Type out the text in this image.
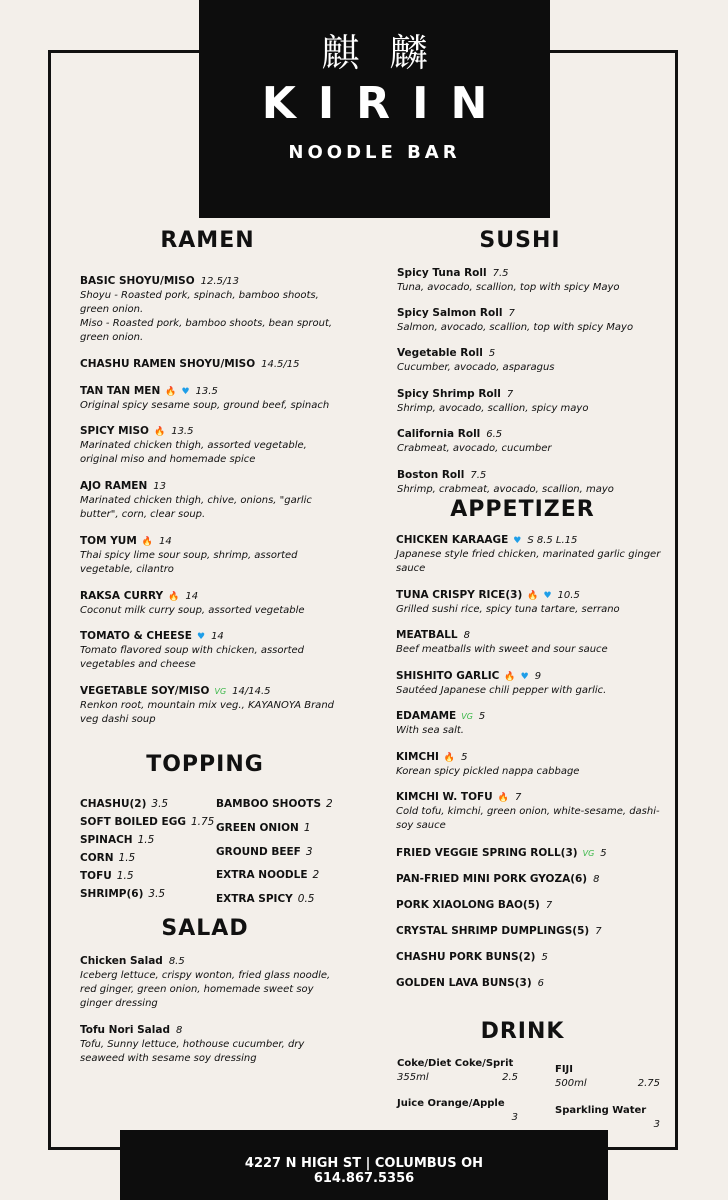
麒麟
KIRIN
NOODLE BAR
RAMEN	SUSHI
APPETIZER
TOPPING
SALAD
DRINK
BASIC SHOYU/MISO 12.5/13
Shoyu - Roasted pork, spinach, bamboo shoots, green onion.
Miso - Roasted pork, bamboo shoots, bean sprout, green onion.
CHASHU RAMEN SHOYU/MISO 14.5/15
TAN TAN MEN 🔥 ♥ 13.5
Original spicy sesame soup, ground beef, spinach
SPICY MISO 🔥 13.5
Marinated chicken thigh, assorted vegetable, original miso and homemade spice
AJO RAMEN 13
Marinated chicken thigh, chive, onions, "garlic butter", corn, clear soup.
TOM YUM 🔥 14
Thai spicy lime sour soup, shrimp, assorted vegetable, cilantro
RAKSA CURRY 🔥 14
Coconut milk curry soup, assorted vegetable
TOMATO & CHEESE ♥ 14
Tomato flavored soup with chicken, assorted vegetables and cheese
VEGETABLE SOY/MISO VG 14/14.5
Renkon root, mountain mix veg., KAYANOYA Brand veg dashi soup
CHASHU(2) 3.5
SOFT BOILED EGG 1.75
SPINACH 1.5
CORN 1.5
TOFU 1.5
SHRIMP(6) 3.5
BAMBOO SHOOTS 2
GREEN ONION 1
GROUND BEEF 3
EXTRA NOODLE 2
EXTRA SPICY 0.5
Chicken Salad 8.5
Iceberg lettuce, crispy wonton, fried glass noodle, red ginger, green onion, homemade sweet soy ginger dressing
Tofu Nori Salad 8
Tofu, Sunny lettuce, hothouse cucumber, dry seaweed with sesame soy dressing
Spicy Tuna Roll 7.5
Tuna, avocado, scallion, top with spicy Mayo
Spicy Salmon Roll 7
Salmon, avocado, scallion, top with spicy Mayo
Vegetable Roll 5
Cucumber, avocado, asparagus
Spicy Shrimp Roll 7
Shrimp, avocado, scallion, spicy mayo
California Roll 6.5
Crabmeat, avocado, cucumber
Boston Roll 7.5
Shrimp, crabmeat, avocado, scallion, mayo
CHICKEN KARAAGE ♥ S 8.5 L.15
Japanese style fried chicken, marinated garlic ginger sauce
TUNA CRISPY RICE(3) 🔥 ♥ 10.5
Grilled sushi rice, spicy tuna tartare, serrano
MEATBALL 8
Beef meatballs with sweet and sour sauce
SHISHITO GARLIC 🔥 ♥ 9
Sautéed Japanese chili pepper with garlic.
EDAMAME VG 5
With sea salt.
KIMCHI 🔥 5
Korean spicy pickled nappa cabbage
KIMCHI W. TOFU 🔥 7
Cold tofu, kimchi, green onion, white-sesame, dashi-soy sauce
FRIED VEGGIE SPRING ROLL(3) VG 5
PAN-FRIED MINI PORK GYOZA(6) 8
PORK XIAOLONG BAO(5) 7
CRYSTAL SHRIMP DUMPLINGS(5) 7
CHASHU PORK BUNS(2) 5
GOLDEN LAVA BUNS(3) 6
Coke/Diet Coke/Sprit
355ml	2.5
FIJI
500ml	2.75
Juice Orange/Apple
3
Sparkling Water
3
4227 N HIGH ST | COLUMBUS OH
614.867.5356
